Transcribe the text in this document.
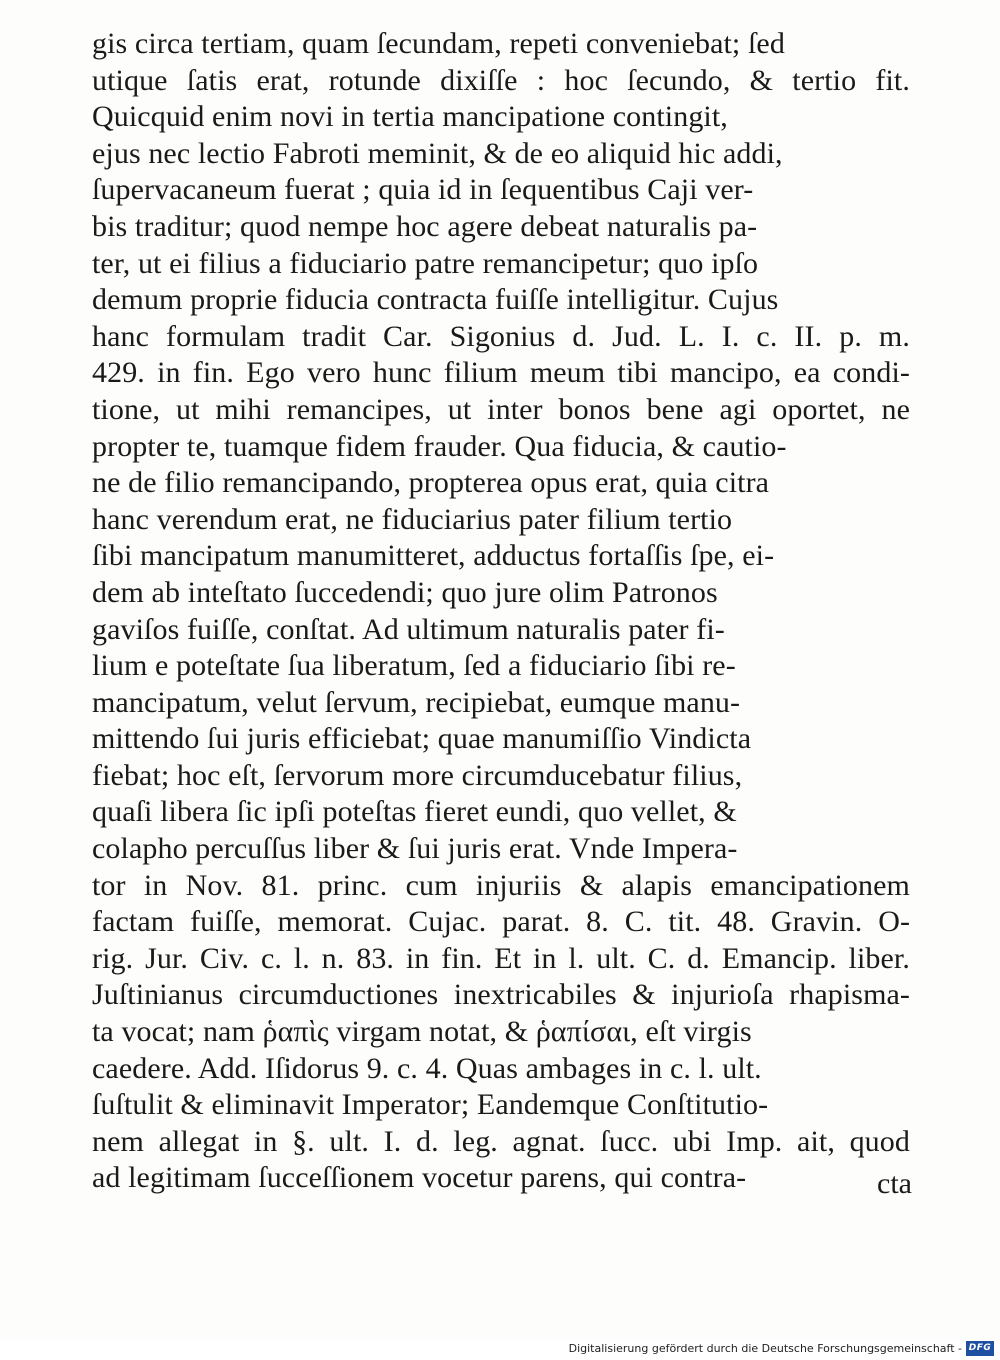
gis circa tertiam, quam ſecundam, repeti conveniebat; ſed
utique ſatis erat, rotunde dixiſſe : hoc ſecundo, & tertio fit.
Quicquid enim novi in tertia mancipatione contingit,
ejus nec lectio Fabroti meminit, & de eo aliquid hic addi,
ſupervacaneum fuerat ; quia id in ſequentibus Caji ver-
bis traditur; quod nempe hoc agere debeat naturalis pa-
ter, ut ei filius a fiduciario patre remancipetur; quo ipſo
demum proprie fiducia contracta fuiſſe intelligitur. Cujus
hanc formulam tradit Car. Sigonius d. Jud. L. I. c. II. p. m.
429. in fin. Ego vero hunc filium meum tibi mancipo, ea condi-
tione, ut mihi remancipes, ut inter bonos bene agi oportet, ne
propter te, tuamque fidem frauder. Qua fiducia, & cautio-
ne de filio remancipando, propterea opus erat, quia citra
hanc verendum erat, ne fiduciarius pater filium tertio
ſibi mancipatum manumitteret, adductus fortaſſis ſpe, ei-
dem ab inteſtato ſuccedendi; quo jure olim Patronos
gaviſos fuiſſe, conſtat. Ad ultimum naturalis pater fi-
lium e poteſtate ſua liberatum, ſed a fiduciario ſibi re-
mancipatum, velut ſervum, recipiebat, eumque manu-
mittendo ſui juris efficiebat; quae manumiſſio Vindicta
fiebat; hoc eſt, ſervorum more circumducebatur filius,
quaſi libera ſic ipſi poteſtas fieret eundi, quo vellet, &
colapho percuſſus liber & ſui juris erat. Vnde Impera-
tor in Nov. 81. princ. cum injuriis & alapis emancipationem
factam fuiſſe, memorat. Cujac. parat. 8. C. tit. 48. Gravin. O-
rig. Jur. Civ. c. l. n. 83. in fin. Et in l. ult. C. d. Emancip. liber.
Juſtinianus circumductiones inextricabiles & injurioſa rhapisma-
ta vocat; nam ῥαπὶς virgam notat, & ῥαπίσαι, eſt virgis
caedere. Add. Iſidorus 9. c. 4. Quas ambages in c. l. ult.
ſuſtulit & eliminavit Imperator; Eandemque Conſtitutio-
nem allegat in §. ult. I. d. leg. agnat. ſucc. ubi Imp. ait, quod
ad legitimam ſucceſſionem vocetur parens, qui contra-	cta
Digitalisierung gefördert durch die Deutsche Forschungsgemeinschaft - DFG
